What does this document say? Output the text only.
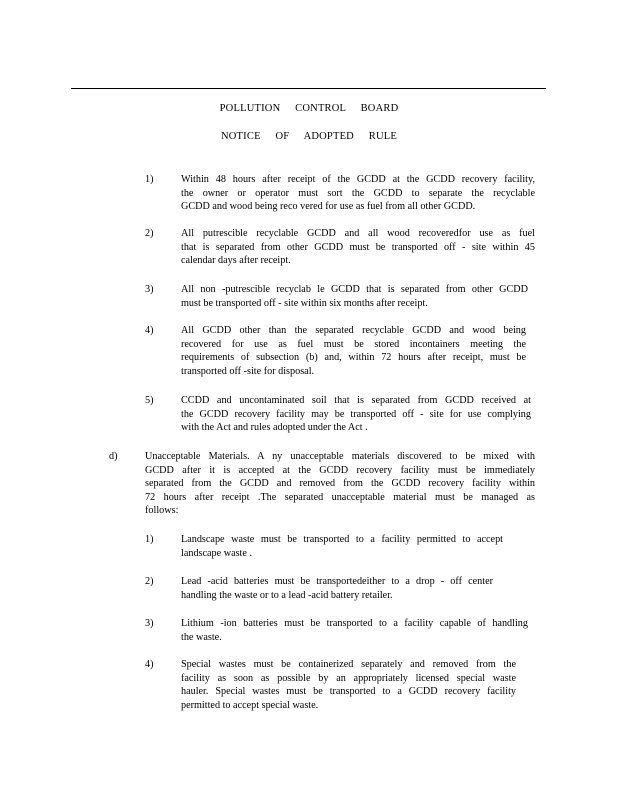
POLLUTION CONTROL BOARD
NOTICE OF ADOPTED RULE
1)	Within 48 hours after receipt of the GCDD at the GCDD recovery facility,
the owner or operator must sort the GCDD to separate the recyclable
GCDD and wood being reco vered for use as fuel from all other GCDD.
2)	All putrescible recyclable GCDD and all wood recoveredfor use as fuel
that is separated from other GCDD must be transported off - site within 45
calendar days after receipt.
3)	All non -putrescible recyclab le GCDD that is separated from other GCDD
must be transported off - site within six months after receipt.
4)	All GCDD other than the separated recyclable GCDD and wood being
recovered for use as fuel must be stored incontainers meeting the
requirements of subsection (b) and, within 72 hours after receipt, must be
transported off -site for disposal.
5)	CCDD and uncontaminated soil that is separated from GCDD received at
the GCDD recovery facility may be transported off - site for use complying
with the Act and rules adopted under the Act .
d)	Unacceptable Materials. A ny unacceptable materials discovered to be mixed with
GCDD after it is accepted at the GCDD recovery facility must be immediately
separated from the GCDD and removed from the GCDD recovery facility within
72 hours after receipt .The separated unacceptable material must be managed as
follows:
1)	Landscape waste must be transported to a facility permitted to accept
landscape waste .
2)	Lead -acid batteries must be transportedeither to a drop - off center
handling the waste or to a lead -acid battery retailer.
3)	Lithium -ion batteries must be transported to a facility capable of handling
the waste.
4)	Special wastes must be containerized separately and removed from the
facility as soon as possible by an appropriately licensed special waste
hauler. Special wastes must be transported to a GCDD recovery facility
permitted to accept special waste.
